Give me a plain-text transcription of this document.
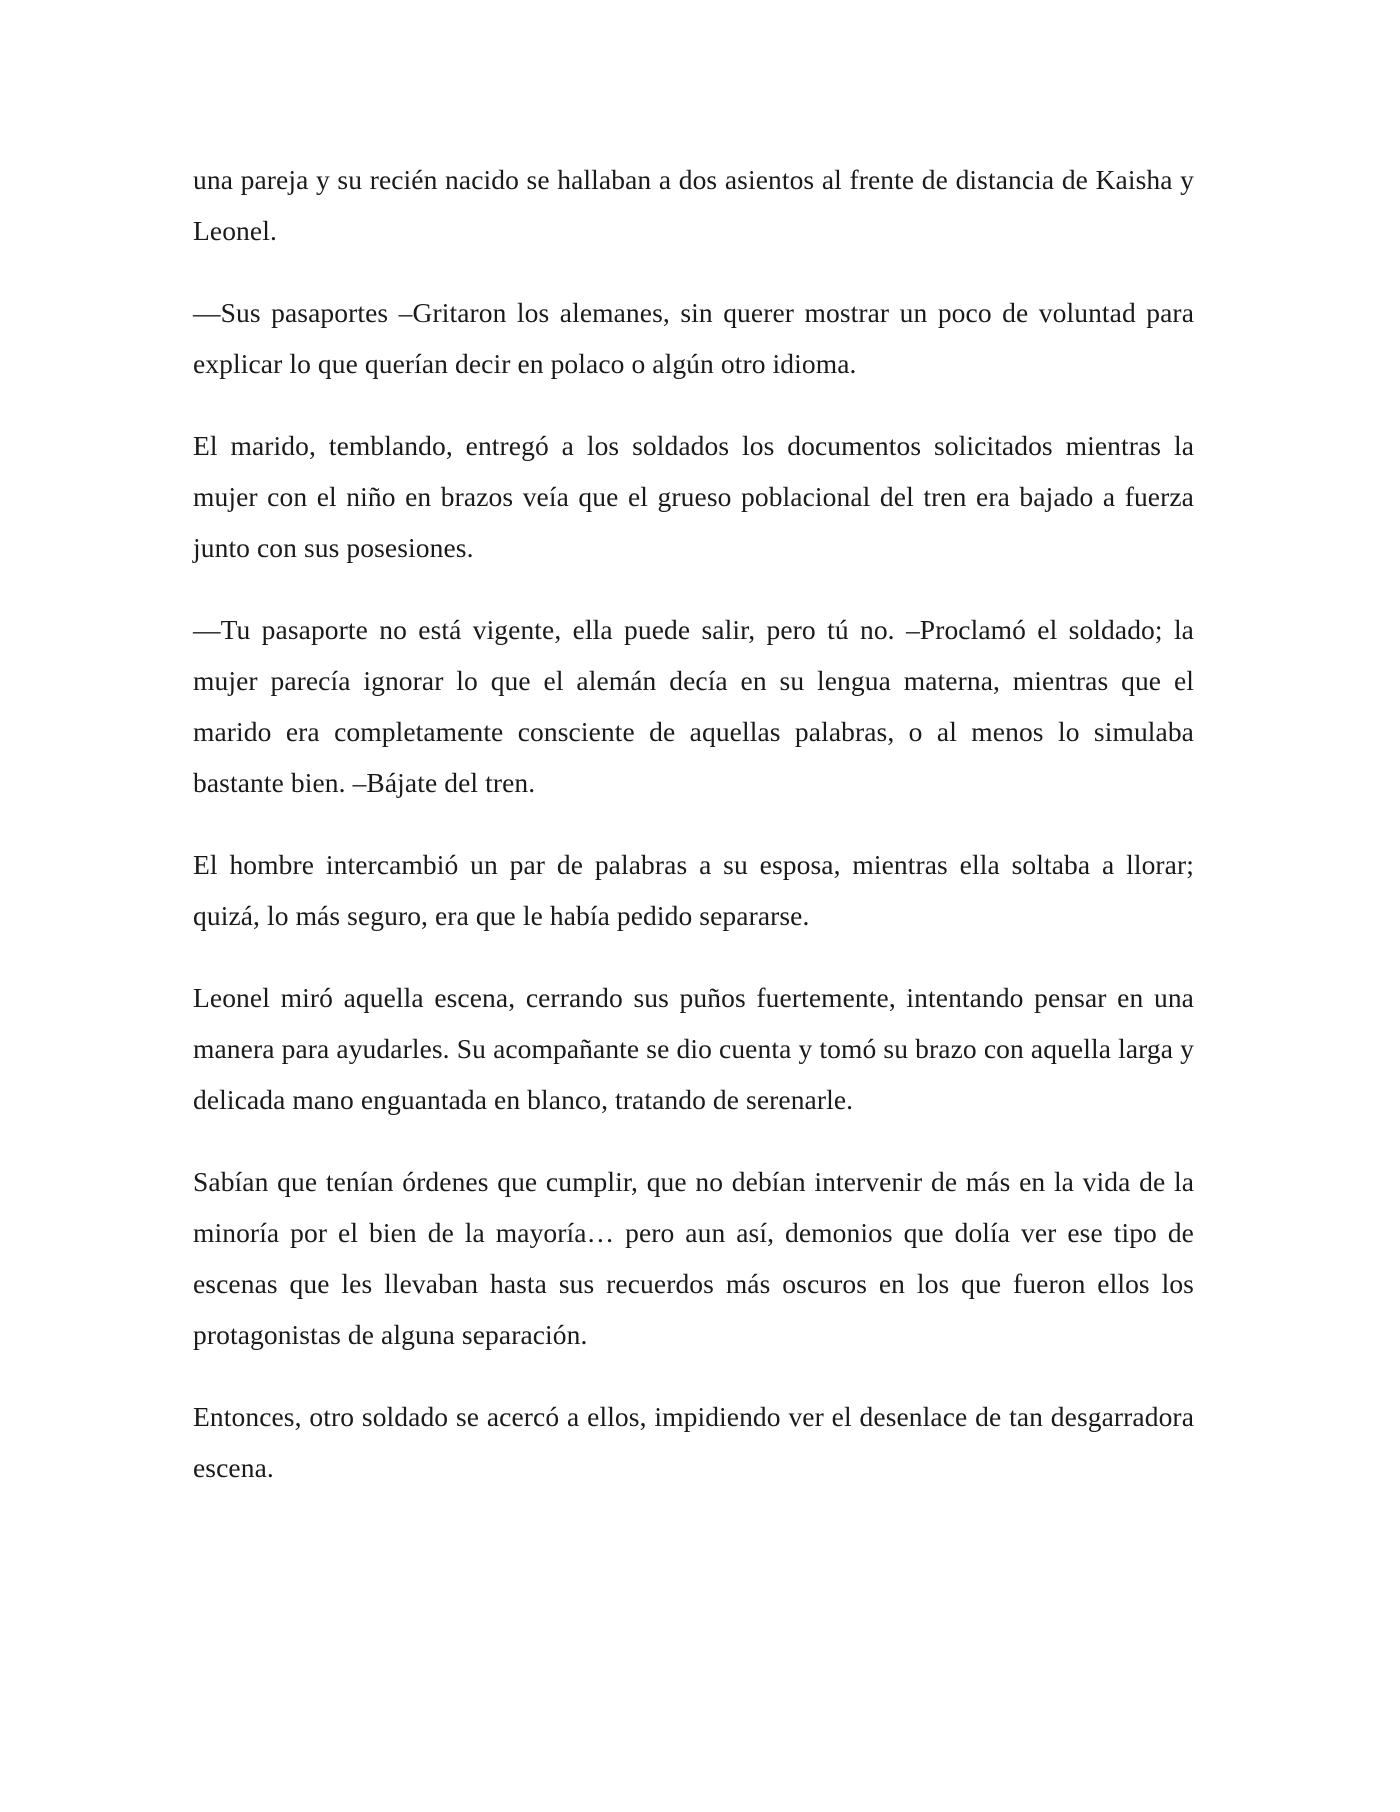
una pareja y su recién nacido se hallaban a dos asientos al frente de distancia de Kaisha y Leonel.

—Sus pasaportes –Gritaron los alemanes, sin querer mostrar un poco de voluntad para explicar lo que querían decir en polaco o algún otro idioma.

El marido, temblando, entregó a los soldados los documentos solicitados mientras la mujer con el niño en brazos veía que el grueso poblacional del tren era bajado a fuerza junto con sus posesiones.

—Tu pasaporte no está vigente, ella puede salir, pero tú no. –Proclamó el soldado; la mujer parecía ignorar lo que el alemán decía en su lengua materna, mientras que el marido era completamente consciente de aquellas palabras, o al menos lo simulaba bastante bien. –Bájate del tren.

El hombre intercambió un par de palabras a su esposa, mientras ella soltaba a llorar; quizá, lo más seguro, era que le había pedido separarse.

Leonel miró aquella escena, cerrando sus puños fuertemente, intentando pensar en una manera para ayudarles. Su acompañante se dio cuenta y tomó su brazo con aquella larga y delicada mano enguantada en blanco, tratando de serenarle.

Sabían que tenían órdenes que cumplir, que no debían intervenir de más en la vida de la minoría por el bien de la mayoría… pero aun así, demonios que dolía ver ese tipo de escenas que les llevaban hasta sus recuerdos más oscuros en los que fueron ellos los protagonistas de alguna separación.

Entonces, otro soldado se acercó a ellos, impidiendo ver el desenlace de tan desgarradora escena.
